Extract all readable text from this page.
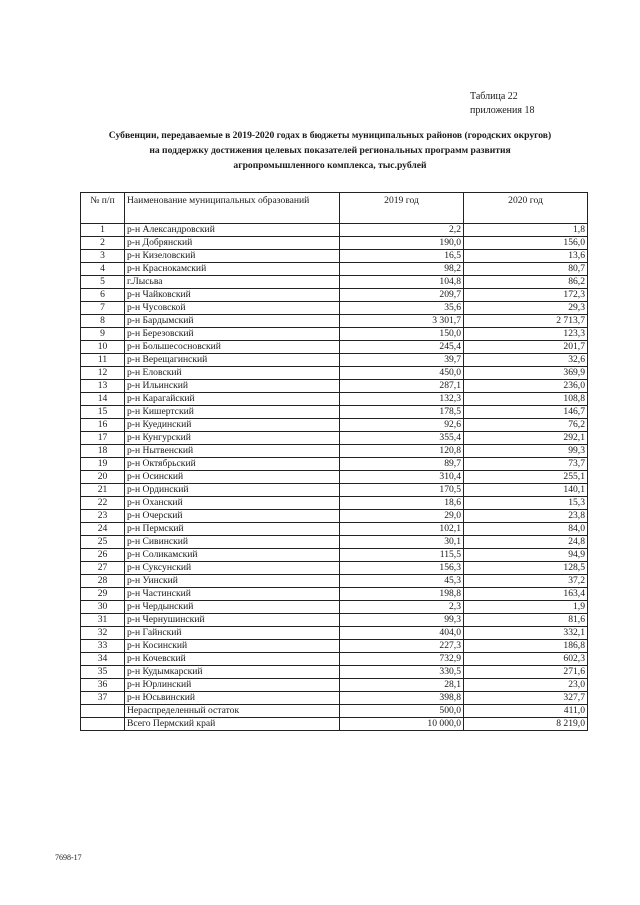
Таблица 22
приложения 18
Субвенции, передаваемые в 2019-2020 годах в бюджеты муниципальных районов (городских округов)
на поддержку достижения целевых показателей региональных программ развития
агропромышленного комплекса, тыс.рублей
№ п/п	Наименование муниципальных образований	2019 год	2020 год
1	р-н Александровский	2,2	1,8
2	р-н Добрянский	190,0	156,0
3	р-н Кизеловский	16,5	13,6
4	р-н Краснокамский	98,2	80,7
5	г.Лысьва	104,8	86,2
6	р-н Чайковский	209,7	172,3
7	р-н Чусовской	35,6	29,3
8	р-н Бардымский	3 301,7	2 713,7
9	р-н Березовский	150,0	123,3
10	р-н Большесосновский	245,4	201,7
11	р-н Верещагинский	39,7	32,6
12	р-н Еловский	450,0	369,9
13	р-н Ильинский	287,1	236,0
14	р-н Карагайский	132,3	108,8
15	р-н Кишертский	178,5	146,7
16	р-н Куединский	92,6	76,2
17	р-н Кунгурский	355,4	292,1
18	р-н Нытвенский	120,8	99,3
19	р-н Октябрьский	89,7	73,7
20	р-н Осинский	310,4	255,1
21	р-н Ординский	170,5	140,1
22	р-н Оханский	18,6	15,3
23	р-н Очерский	29,0	23,8
24	р-н Пермский	102,1	84,0
25	р-н Сивинский	30,1	24,8
26	р-н Соликамский	115,5	94,9
27	р-н Суксунский	156,3	128,5
28	р-н Уинский	45,3	37,2
29	р-н Частинский	198,8	163,4
30	р-н Чердынский	2,3	1,9
31	р-н Чернушинский	99,3	81,6
32	р-н Гайнский	404,0	332,1
33	р-н Косинский	227,3	186,8
34	р-н Кочевский	732,9	602,3
35	р-н Кудымкарский	330,5	271,6
36	р-н Юрлинский	28,1	23,0
37	р-н Юсьвинский	398,8	327,7
	Нераспределенный остаток	500,0	411,0
	Всего Пермский край	10 000,0	8 219,0
7698-17
